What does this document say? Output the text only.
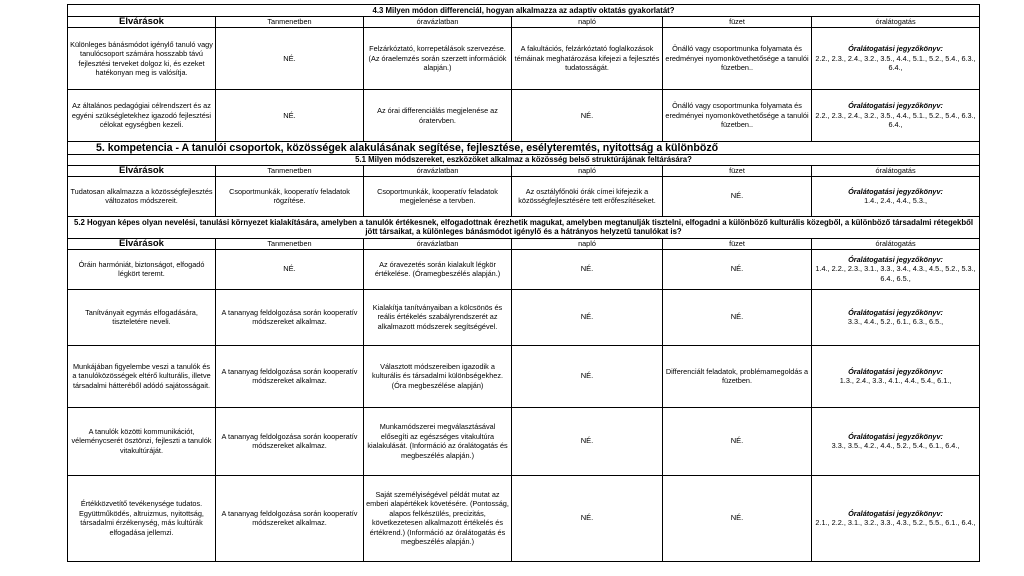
4.3 Milyen módon differenciál, hogyan alkalmazza az adaptív oktatás gyakorlatát?					
Elvárások	Tanmenetben	óravázlatban	napló	füzet	óralátogatás
Különleges bánásmódot igénylő tanuló vagy tanulócsoport számára hosszabb távú fejlesztési terveket dolgoz ki, és ezeket hatékonyan meg is valósítja.	NÉ.	Felzárkóztató, korrepetálások szervezése. (Az óraelemzés során szerzett információk alapján.)	A fakultációs, felzárkóztató foglalkozások témáinak meghatározása kifejezi a fejlesztés tudatosságát.	Önálló vagy csoportmunka folyamata és eredményei nyomonkövethetősége a tanulói füzetben..	Óralátogatási jegyzőkönyv:
2.2., 2.3., 2.4., 3.2., 3.5., 4.4., 5.1., 5.2., 5.4., 6.3., 6.4.,
Az általános pedagógiai célrendszert és az egyéni szükségletekhez igazodó fejlesztési célokat egységben kezeli.	NÉ.	Az órai differenciálás megjelenése az óratervben.	NÉ.	Önálló vagy csoportmunka folyamata és eredményei nyomonkövethetősége a tanulói füzetben..	Óralátogatási jegyzőkönyv:
2.2., 2.3., 2.4., 3.2., 3.5., 4.4., 5.1., 5.2., 5.4., 6.3., 6.4.,
5. kompetencia - A tanulói csoportok, közösségek alakulásának segítése, fejlesztése, esélyteremtés, nyitottság a különböző					
5.1 Milyen módszereket, eszközöket alkalmaz a közösség belső struktúrájának feltárására?					
Elvárások	Tanmenetben	óravázlatban	napló	füzet	óralátogatás
Tudatosan alkalmazza a közösségfejlesztés változatos módszereit.	Csoportmunkák, kooperatív feladatok rögzítése.	Csoportmunkák, kooperatív feladatok megjelenése a tervben.	Az osztályfőnöki órák címei kifejezik a közösségfejlesztésére tett erőfeszítéseket.	NÉ.	Óralátogatási jegyzőkönyv:
1.4., 2.4., 4.4., 5.3.,
5.2 Hogyan képes olyan nevelési, tanulási környezet kialakítására, amelyben a tanulók értékesnek, elfogadottnak érezhetik magukat, amelyben megtanulják tisztelni, elfogadni a különböző kulturális közegből, a különböző társadalmi rétegekből jött társaikat, a különleges bánásmódot igénylő és a hátrányos helyzetű tanulókat is?					
Elvárások	Tanmenetben	óravázlatban	napló	füzet	óralátogatás
Óráin harmóniát, biztonságot, elfogadó légkört teremt.	NÉ.	Az óravezetés során kialakult légkör értékelése. (Óramegbeszélés alapján.)	NÉ.	NÉ.	Óralátogatási jegyzőkönyv:
1.4., 2.2., 2.3., 3.1., 3.3., 3.4., 4.3., 4.5., 5.2., 5.3., 6.4., 6.5.,
Tanítványait egymás elfogadására, tiszteletére neveli.	A tananyag feldolgozása során kooperatív módszereket alkalmaz.	Kialakítja tanítványaiban a kölcsönös és reális értékelés szabályrendszerét az alkalmazott módszerek segítségével.	NÉ.	NÉ.	Óralátogatási jegyzőkönyv:
3.3., 4.4., 5.2., 6.1., 6.3., 6.5.,
Munkájában figyelembe veszi a tanulók és a tanulóközösségek eltérő kulturális, illetve társadalmi hátteréből adódó sajátosságait.	A tananyag feldolgozása során kooperatív módszereket alkalmaz.	Választott módszereiben igazodik a kulturális és társadalmi különbségekhez. (Óra megbeszélése alapján)	NÉ.	Differenciált feladatok, problémamegoldás a füzetben.	Óralátogatási jegyzőkönyv:
1.3., 2.4., 3.3., 4.1., 4.4., 5.4., 6.1.,
A tanulók közötti kommunikációt, véleménycserét ösztönzi, fejleszti a tanulók vitakultúráját.	A tananyag feldolgozása során kooperatív módszereket alkalmaz.	Munkamódszerei megválasztásával elősegíti az egészséges vitakultúra kialakulását. (Információ az óralátogatás és megbeszélés alapján.)	NÉ.	NÉ.	Óralátogatási jegyzőkönyv:
3.3., 3.5., 4.2., 4.4., 5.2., 5.4., 6.1., 6.4.,
Értékközvetítő tevékenysége tudatos. Együttműködés, altruizmus, nyitottság, társadalmi érzékenység, más kultúrák elfogadása jellemzi.	A tananyag feldolgozása során kooperatív módszereket alkalmaz.	Saját személyiségével példát mutat az emberi alapértékek követésére. (Pontosság, alapos felkészülés, precizitás, következetesen alkalmazott értékelés és értékrend.) (Információ az óralátogatás és megbeszélés alapján.)	NÉ.	NÉ.	Óralátogatási jegyzőkönyv:
2.1., 2.2., 3.1., 3.2., 3.3., 4.3., 5.2., 5.5., 6.1., 6.4.,
